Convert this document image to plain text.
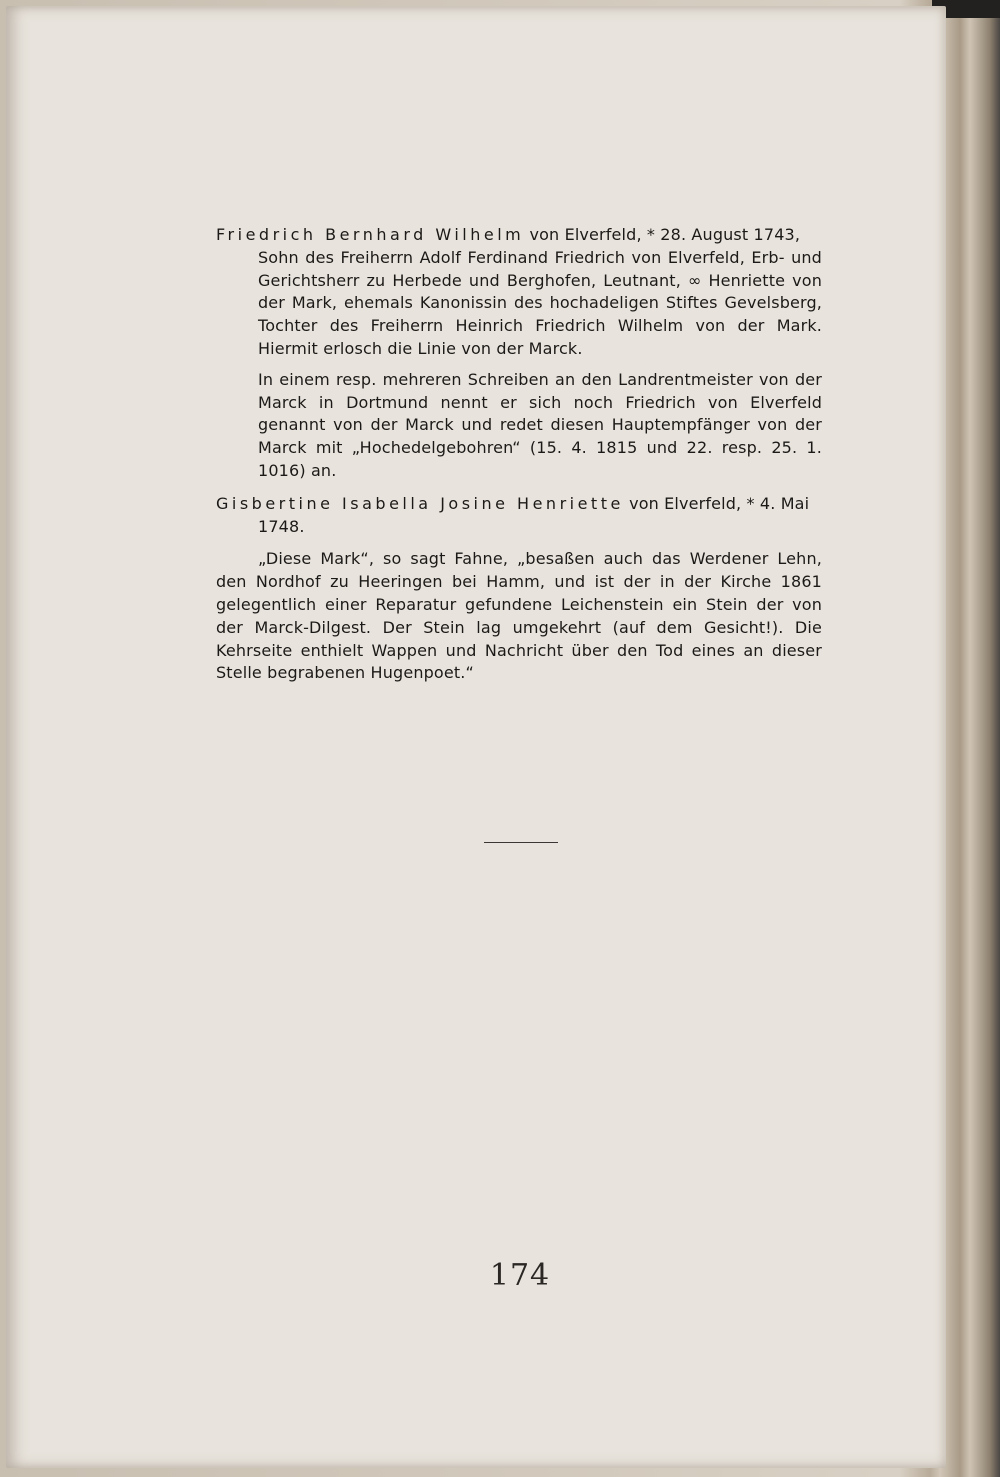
Friedrich Bernhard Wilhelm von Elverfeld, * 28. August 1743,
Sohn des Freiherrn Adolf Ferdinand Friedrich von Elverfeld, Erb- und Gerichtsherr zu Herbede und Berghofen, Leutnant, ∞ Henriette von der Mark, ehemals Kanonissin des hochadeligen Stiftes Gevelsberg, Tochter des Freiherrn Heinrich Friedrich Wilhelm von der Mark. Hiermit erlosch die Linie von der Marck.
In einem resp. mehreren Schreiben an den Landrentmeister von der Marck in Dortmund nennt er sich noch Friedrich von Elverfeld genannt von der Marck und redet diesen Hauptempfänger von der Marck mit „Hochedelgebohren“ (15. 4. 1815 und 22. resp. 25. 1. 1016) an.
Gisbertine Isabella Josine Henriette von Elverfeld, * 4. Mai
1748.
„Diese Mark“, so sagt Fahne, „besaßen auch das Werdener Lehn, den Nordhof zu Heeringen bei Hamm, und ist der in der Kirche 1861 gelegentlich einer Reparatur gefundene Leichenstein ein Stein der von der Marck-Dilgest. Der Stein lag umgekehrt (auf dem Gesicht!). Die Kehrseite enthielt Wappen und Nachricht über den Tod eines an dieser Stelle begrabenen Hugenpoet.“
174
